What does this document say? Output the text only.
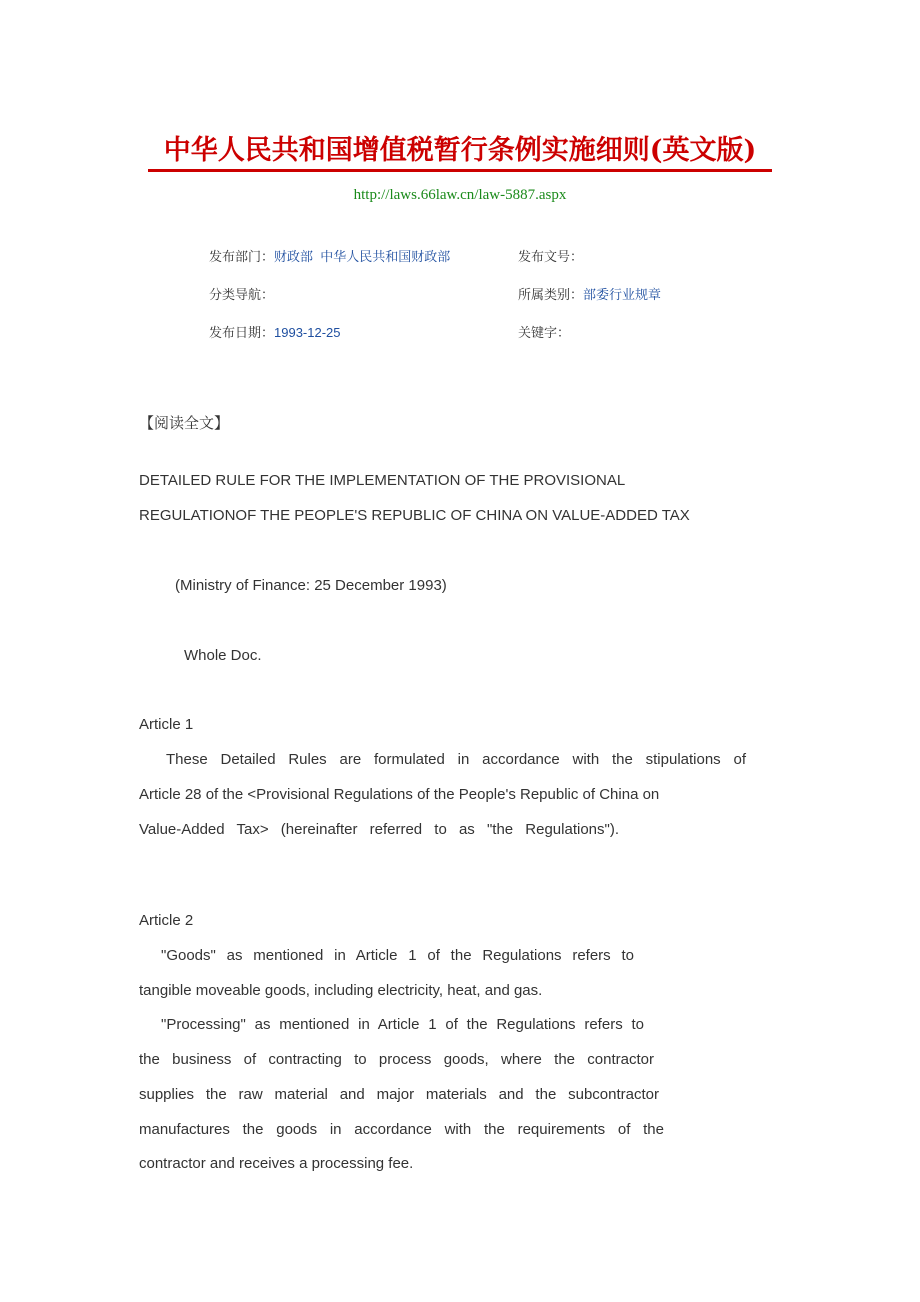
中华人民共和国增值税暂行条例实施细则(英文版)
http://laws.66law.cn/law-5887.aspx
发布部门：财政部 中华人民共和国财政部	发布文号：
分类导航：	所属类别：部委行业规章
发布日期：1993-12-25	关键字：
【阅读全文】
DETAILED RULE FOR THE IMPLEMENTATION OF THE PROVISIONAL
REGULATIONOF THE PEOPLE'S REPUBLIC OF CHINA ON VALUE-ADDED TAX
(Ministry of Finance: 25 December 1993)
Whole Doc.
Article 1
These Detailed Rules are formulated in accordance with the stipulations of
Article 28 of the <Provisional Regulations of the People's Republic of China on
Value-Added Tax> (hereinafter referred to as "the Regulations").
Article 2
"Goods" as mentioned in Article 1 of the Regulations refers to
tangible moveable goods, including electricity, heat, and gas.
"Processing" as mentioned in Article 1 of the Regulations refers to
the business of contracting to process goods, where the contractor
supplies the raw material and major materials and the subcontractor
manufactures the goods in accordance with the requirements of the
contractor and receives a processing fee.
